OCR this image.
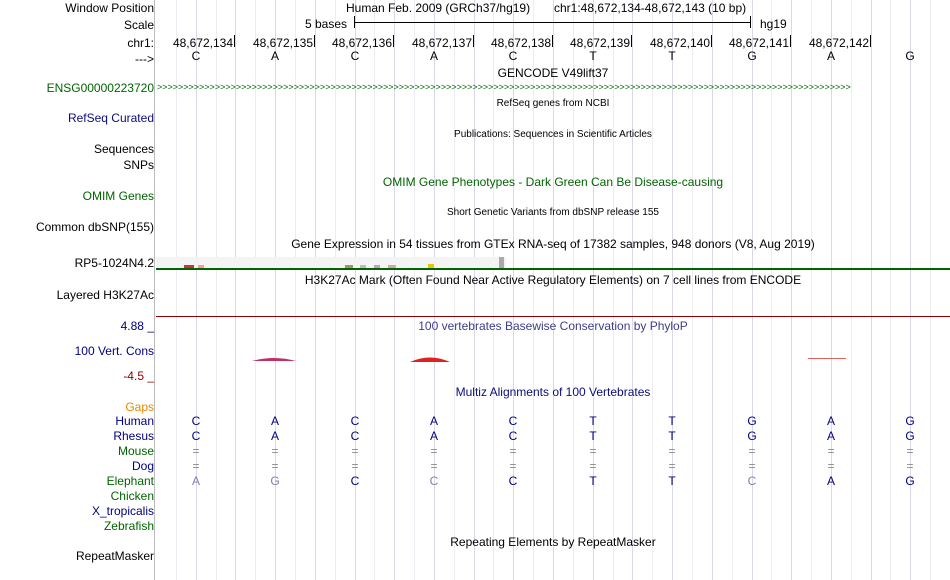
Window Position	Human Feb. 2009 (GRCh37/hg19) chr1:48,672,134-48,672,143 (10 bp)
Scale	5 bases	hg19
chr1:	48,672,134	48,672,135	48,672,136	48,672,137	48,672,138	48,672,139	48,672,140	48,672,141	48,672,142
--->	C	A	C	A	C	T	T	G	A	G
GENCODE V49lift37
ENSG00000223720 >>>>>>>>>>>>>>>>>>>>>>>>>>>>>>>>>>>>>>>>>>>>>>>>>>>>>>>>>>>>>>>>>>>>>>>>>>>>>>>>>>>>>>>>>>>>>>>>>>>>>>>>>>>>>>>>>>>>>>>>>>>>>>>>>>>>
RefSeq genes from NCBI
RefSeq Curated
Publications: Sequences in Scientific Articles
Sequences
SNPs
OMIM Gene Phenotypes - Dark Green Can Be Disease-causing
OMIM Genes
Short Genetic Variants from dbSNP release 155
Common dbSNP(155)
Gene Expression in 54 tissues from GTEx RNA-seq of 17382 samples, 948 donors (V8, Aug 2019)
RP5-1024N4.2
H3K27Ac Mark (Often Found Near Active Regulatory Elements) on 7 cell lines from ENCODE
Layered H3K27Ac
100 vertebrates Basewise Conservation by PhyloP
4.88 _
100 Vert. Cons
-4.5 _
Multiz Alignments of 100 Vertebrates
Gaps
Human	C	A	C	A	C	T	T	G	A	G
Rhesus	C	A	C	A	C	T	T	G	A	G
Mouse	=	=	=	=	=	=	=	=	=	=
Dog	=	=	=	=	=	=	=	=	=	=
Elephant	A	G	C	C	C	T	T	C	A	G
Chicken
X_tropicalis
Zebrafish
Repeating Elements by RepeatMasker
RepeatMasker
